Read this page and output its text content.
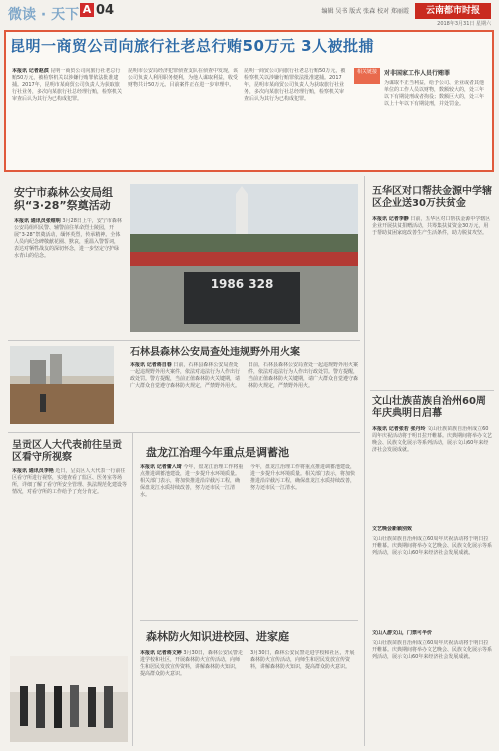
微读 · 天下 A 04	编辑 吴书 版式 张森 校对 郑丽霞	云南都市时报
2018年3月31日 星期六
昆明一商贸公司向旅行社老总行贿50万元 3人被批捕
本报讯 记者赵滨 昆明一商贸公司向旅行社老总行贿50万元，被检察机关以涉嫌行贿罪依法批准逮捕。2017年，昆明市某商贸公司负责人为获取旅行社业务，多次向某旅行社总经理行贿，检察机关审查后认为其行为已构成犯罪。
昆明市公安局经济犯罪侦查支队在侦查中发现，该公司负责人利用职务便利，为他人谋取利益，收受财物共计50万元。目前案件正在进一步审理中。
昆明一商贸公司向旅行社老总行贿50万元，被检察机关以涉嫌行贿罪依法批准逮捕。2017年，昆明市某商贸公司负责人为获取旅行社业务，多次向某旅行社总经理行贿，检察机关审查后认为其行为已构成犯罪。
相关链接	对非国家工作人员行贿罪
为谋取不正当利益，给予公司、企业或者其他单位的工作人员以财物，数额较大的，处三年以下有期徒刑或者拘役；数额巨大的，处三年以上十年以下有期徒刑，并处罚金。
安宁市森林公安局组织“3·28”祭奠活动
本报讯 通讯员张维明 3月28日上午，安宁市森林公安局组织民警、辅警前往革命烈士陵园，开展“3·28”祭奠活动，缅怀英烈，传承精神。全体人员向纪念碑敬献花圈、默哀，重温入警誓词，表达对牺牲战友的深切怀念，进一步坚定守护绿水青山的信念。
1986 328
石林县森林公安局查处违规野外用火案
本报讯 记者蒋自春 日前，石林县森林公安局查处一起违规野外用火案件，依法对违法行为人作出行政处罚。警方提醒，当前正值森林防火关键期，请广大群众自觉遵守森林防火规定，严禁野外用火。
日前，石林县森林公安局查处一起违规野外用火案件，依法对违法行为人作出行政处罚。警方提醒，当前正值森林防火关键期，请广大群众自觉遵守森林防火规定，严禁野外用火。
呈贡区人大代表前往呈贡区看守所视察
本报讯 通讯员李艳 近日，呈贡区人大代表一行前往区看守所进行视察，实地查看了监区、医务室等场所，详细了解了看守所安全管理、执法规范化建设等情况，对看守所的工作给予了充分肯定。
盘龙江治理今年重点是调蓄池
本报讯 记者蕾入琦 今年，盘龙江治理工作将重点推进调蓄池建设，进一步提升水环境质量。相关部门表示，将加快推进沿岸截污工程，确保盘龙江水质持续改善，努力还市民一江清水。
今年，盘龙江治理工作将重点推进调蓄池建设，进一步提升水环境质量。相关部门表示，将加快推进沿岸截污工程，确保盘龙江水质持续改善，努力还市民一江清水。
森林防火知识进校园、进家庭
本报讯 记者蒋文婷 3月30日，森林公安民警走进学校和社区，开展森林防火宣传活动，向师生和居民发放宣传资料，讲解森林防火知识，提高群众防火意识。
3月30日，森林公安民警走进学校和社区，开展森林防火宣传活动，向师生和居民发放宣传资料，讲解森林防火知识，提高群众防火意识。
五华区对口帮扶金源中学辖区企业送30万扶贫金
本报讯 记者李静 日前，五华区对口帮扶金源中学辖区企业开展扶贫捐赠活动，共筹集扶贫资金30万元，用于帮助贫困家庭改善生产生活条件，助力脱贫攻坚。
文山壮族苗族自治州60周年庆典明日启幕
本报讯 记者张若 张丹玲 文山壮族苗族自治州成立60周年庆祝活动将于明日拉开帷幕。庆典期间将举办文艺晚会、民族文化展示等系列活动，展示文山60年来经济社会发展成就。
文艺晚会新颖别致
文山壮族苗族自治州成立60周年庆祝活动将于明日拉开帷幕。庆典期间将举办文艺晚会、民族文化展示等系列活动，展示文山60年来经济社会发展成就。
文山人游文山，门票可半价
文山壮族苗族自治州成立60周年庆祝活动将于明日拉开帷幕。庆典期间将举办文艺晚会、民族文化展示等系列活动，展示文山60年来经济社会发展成就。
